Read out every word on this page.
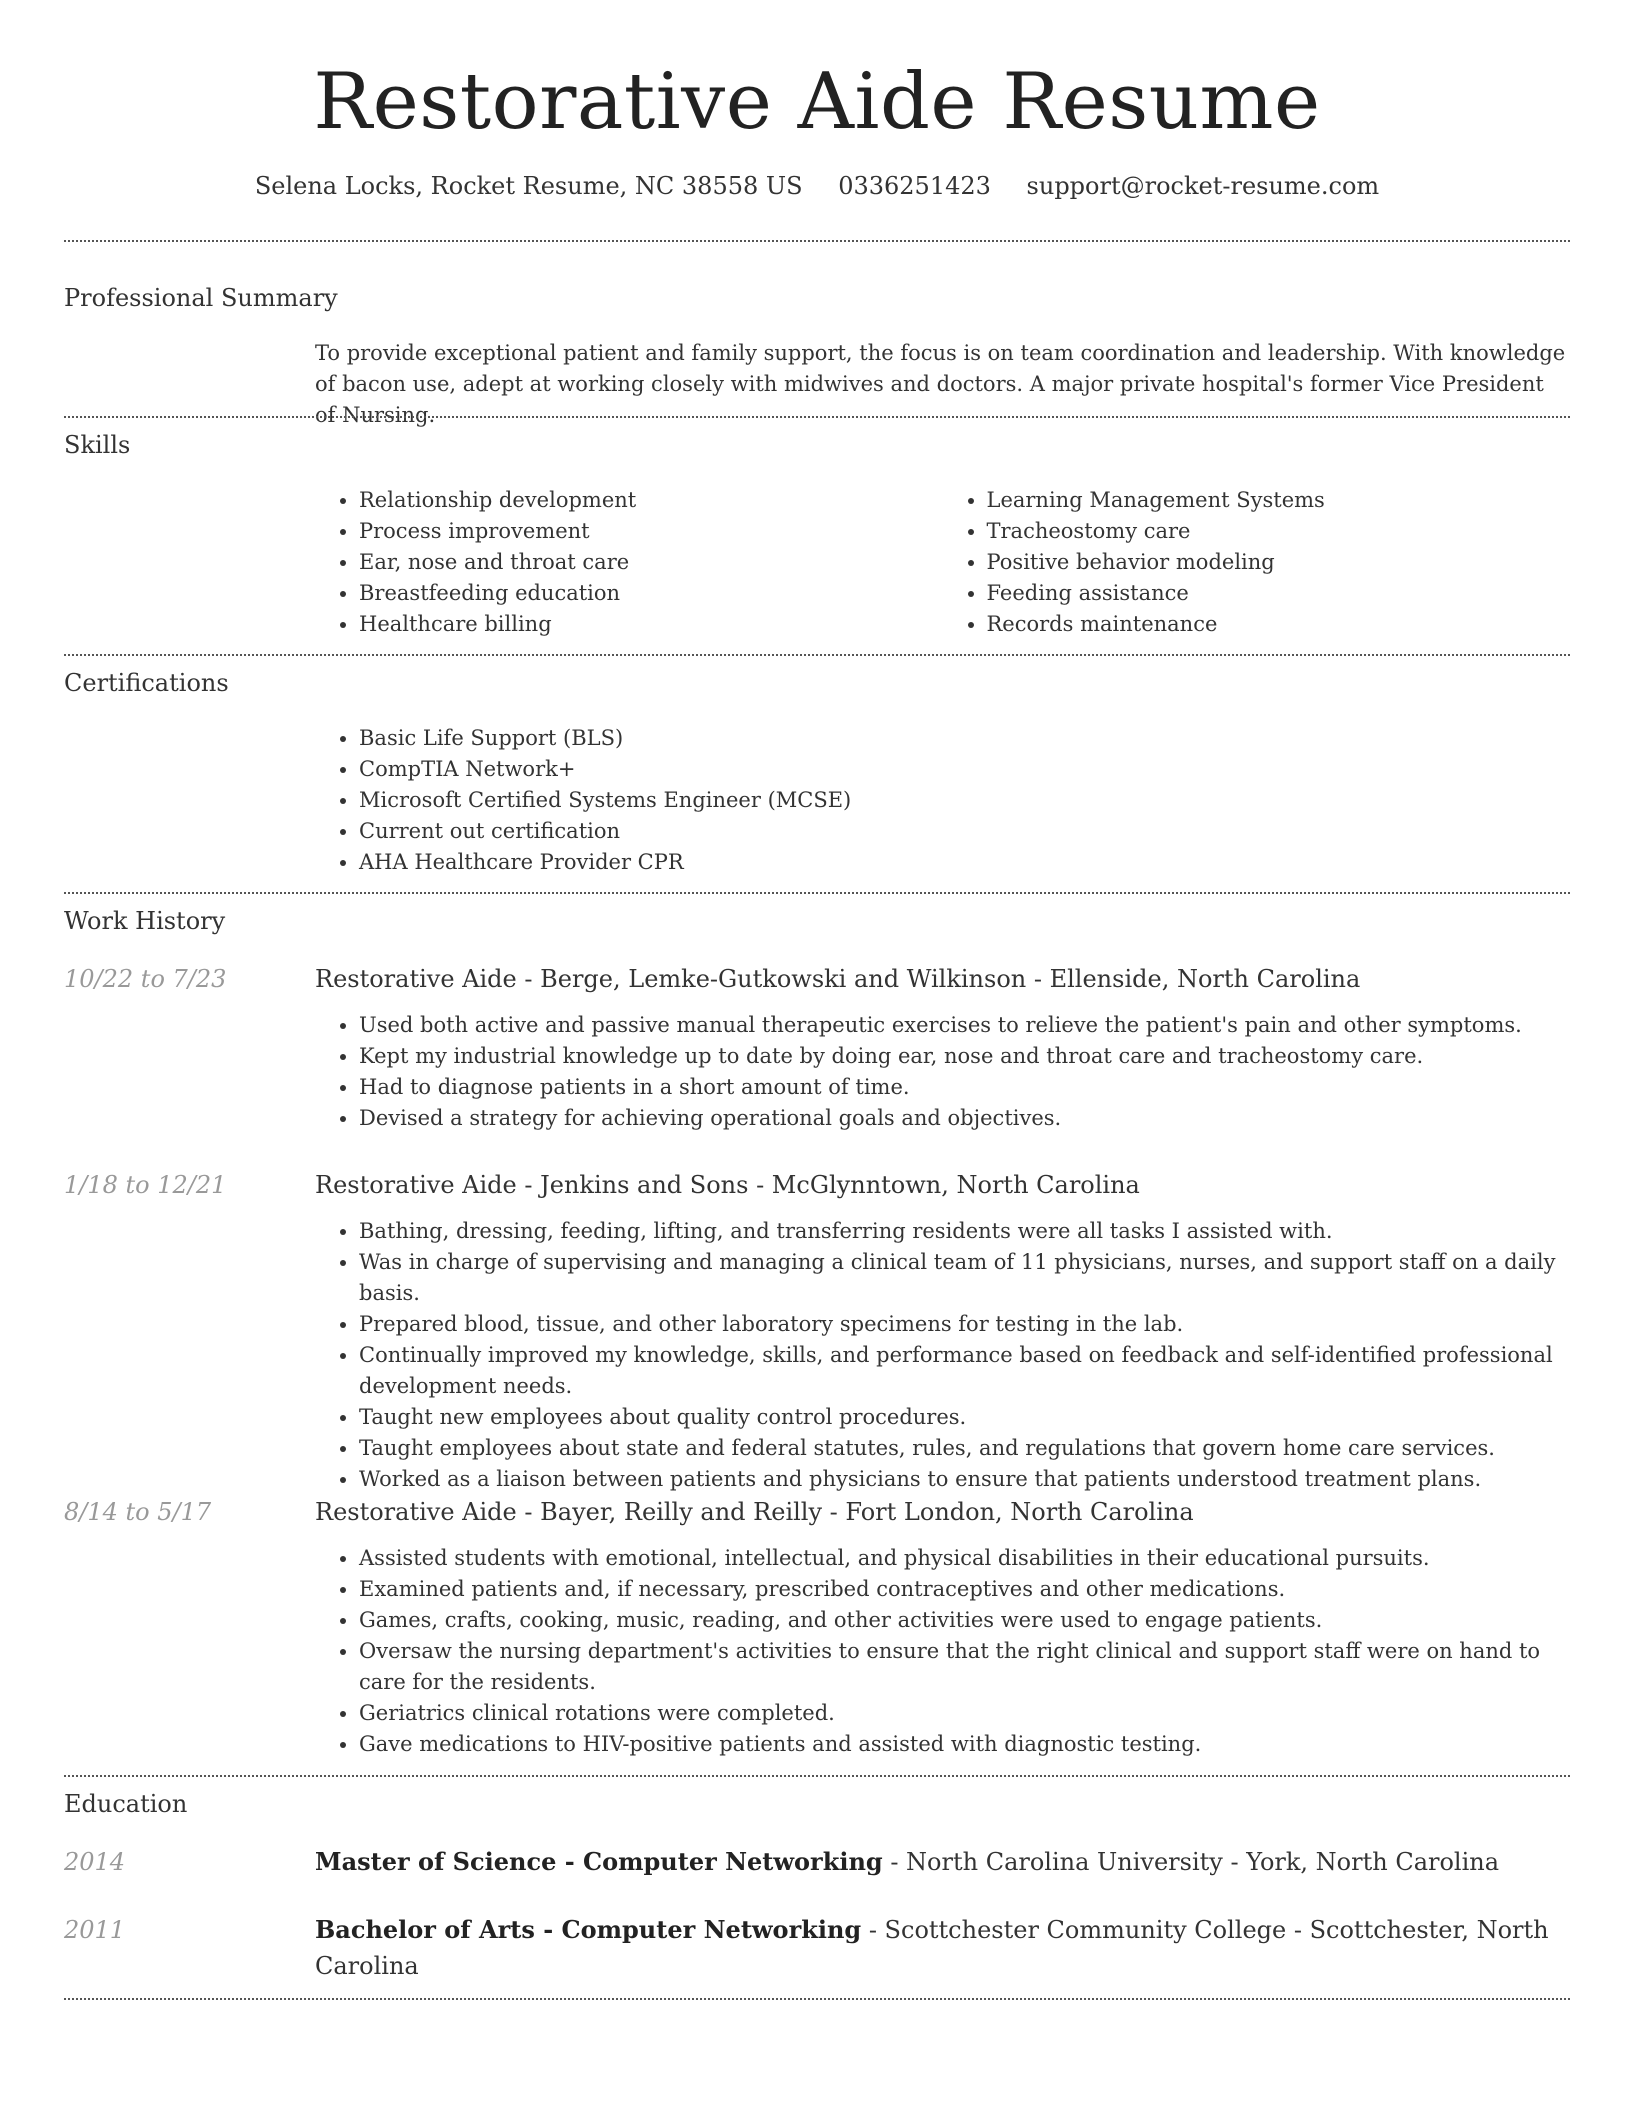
Restorative Aide Resume
Selena Locks, Rocket Resume, NC 38558 US 0336251423 support@rocket-resume.com
Professional Summary
To provide exceptional patient and family support, the focus is on team coordination and leadership. With knowledge of bacon use, adept at working closely with midwives and doctors. A major private hospital's former Vice President of Nursing.
Skills
• Relationship development
• Process improvement
• Ear, nose and throat care
• Breastfeeding education
• Healthcare billing
• Learning Management Systems
• Tracheostomy care
• Positive behavior modeling
• Feeding assistance
• Records maintenance
Certifications
• Basic Life Support (BLS)
• CompTIA Network+
• Microsoft Certified Systems Engineer (MCSE)
• Current out certification
• AHA Healthcare Provider CPR
Work History
10/22 to 7/23	Restorative Aide - Berge, Lemke-Gutkowski and Wilkinson - Ellenside, North Carolina

• Used both active and passive manual therapeutic exercises to relieve the patient's pain and other symptoms.
• Kept my industrial knowledge up to date by doing ear, nose and throat care and tracheostomy care.
• Had to diagnose patients in a short amount of time.
• Devised a strategy for achieving operational goals and objectives.
1/18 to 12/21	Restorative Aide - Jenkins and Sons - McGlynntown, North Carolina

• Bathing, dressing, feeding, lifting, and transferring residents were all tasks I assisted with.
• Was in charge of supervising and managing a clinical team of 11 physicians, nurses, and support staff on a daily basis.
• Prepared blood, tissue, and other laboratory specimens for testing in the lab.
• Continually improved my knowledge, skills, and performance based on feedback and self-identified professional development needs.
• Taught new employees about quality control procedures.
• Taught employees about state and federal statutes, rules, and regulations that govern home care services.
• Worked as a liaison between patients and physicians to ensure that patients understood treatment plans.
8/14 to 5/17	Restorative Aide - Bayer, Reilly and Reilly - Fort London, North Carolina

• Assisted students with emotional, intellectual, and physical disabilities in their educational pursuits.
• Examined patients and, if necessary, prescribed contraceptives and other medications.
• Games, crafts, cooking, music, reading, and other activities were used to engage patients.
• Oversaw the nursing department's activities to ensure that the right clinical and support staff were on hand to care for the residents.
• Geriatrics clinical rotations were completed.
• Gave medications to HIV-positive patients and assisted with diagnostic testing.
Education
2014	Master of Science - Computer Networking - North Carolina University - York, North Carolina
2011	Bachelor of Arts - Computer Networking - Scottchester Community College - Scottchester, North Carolina
